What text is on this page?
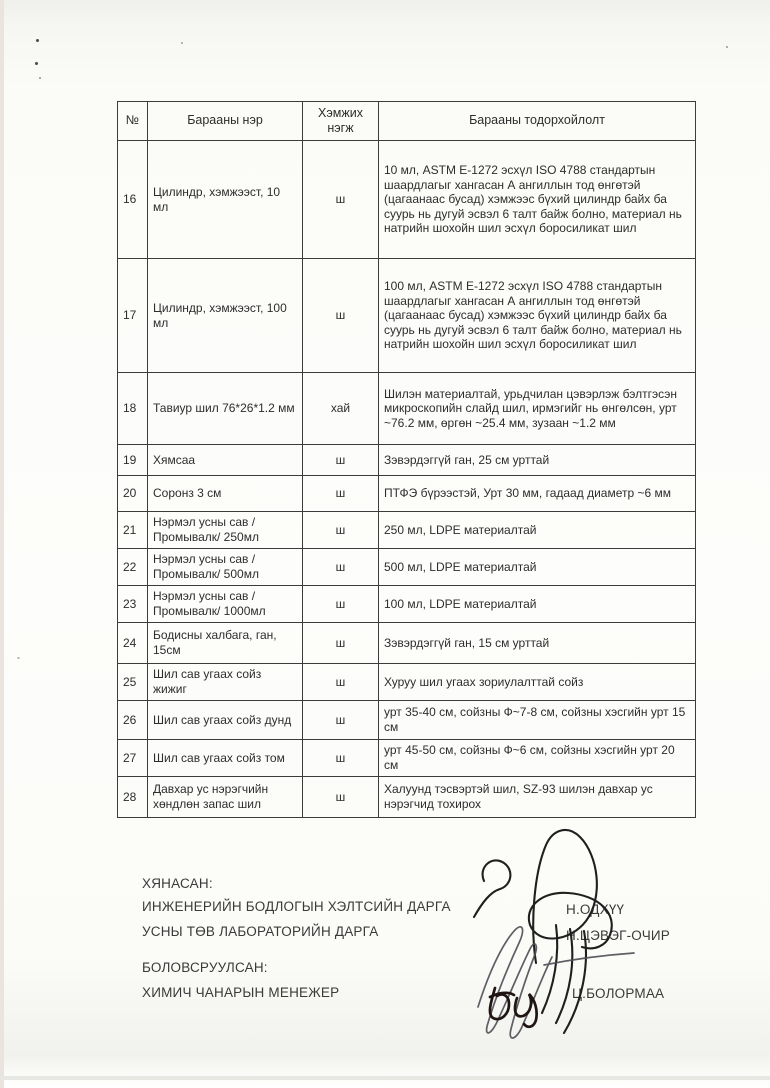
№	Барааны нэр	Хэмжих нэгж	Барааны тодорхойлолт
16	Цилиндр, хэмжээст, 10 мл	ш	10 мл, ASTM E-1272 эсхүл ISO 4788 стандартын шаардлагыг хангасан А ангиллын тод өнгөтэй (цагаанаас бусад) хэмжээс бүхий цилиндр байх ба суурь нь дугуй эсвэл 6 талт байж болно, материал нь натрийн шохойн шил эсхүл боросиликат шил
17	Цилиндр, хэмжээст, 100 мл	ш	100 мл, ASTM E-1272 эсхүл ISO 4788 стандартын шаардлагыг хангасан А ангиллын тод өнгөтэй (цагаанаас бусад) хэмжээс бүхий цилиндр байх ба суурь нь дугуй эсвэл 6 талт байж болно, материал нь натрийн шохойн шил эсхүл боросиликат шил
18	Тавиур шил 76*26*1.2 мм	хай	Шилэн материалтай, урьдчилан цэвэрлэж бэлтгэсэн микроскопийн слайд шил, ирмэгийг нь өнгөлсөн, урт ~76.2 мм, өргөн ~25.4 мм, зузаан ~1.2 мм
19	Хямсаа	ш	Зэвэрдэггүй ган, 25 см урттай
20	Соронз 3 см	ш	ПТФЭ бүрээстэй, Урт 30 мм, гадаад диаметр ~6 мм
21	Нэрмэл усны сав /Промывалк/ 250мл	ш	250 мл, LDPE материалтай
22	Нэрмэл усны сав /Промывалк/ 500мл	ш	500 мл, LDPE материалтай
23	Нэрмэл усны сав /Промывалк/ 1000мл	ш	100 мл, LDPE материалтай
24	Бодисны халбага, ган, 15см	ш	Зэвэрдэггүй ган, 15 см урттай
25	Шил сав угаах сойз жижиг	ш	Хуруу шил угаах зориулалттай сойз
26	Шил сав угаах сойз дунд	ш	урт 35-40 см, сойзны Ф~7-8 см, сойзны хэсгийн урт 15 см
27	Шил сав угаах сойз том	ш	урт 45-50 см, сойзны Ф~6 см, сойзны хэсгийн урт 20 см
28	Давхар ус нэрэгчийн хөндлөн запас шил	ш	Халуунд тэсвэртэй шил, SZ-93 шилэн давхар ус нэрэгчид тохирох
ХЯНАСАН:
ИНЖЕНЕРИЙН БОДЛОГЫН ХЭЛТСИЙН ДАРГА	Н.ОДХҮҮ
УСНЫ ТӨВ ЛАБОРАТОРИЙН ДАРГА	Н.ЦЭВЭГ-ОЧИР
БОЛОВСРУУЛСАН:
ХИМИЧ ЧАНАРЫН МЕНЕЖЕР	Ц.БОЛОРМАА
